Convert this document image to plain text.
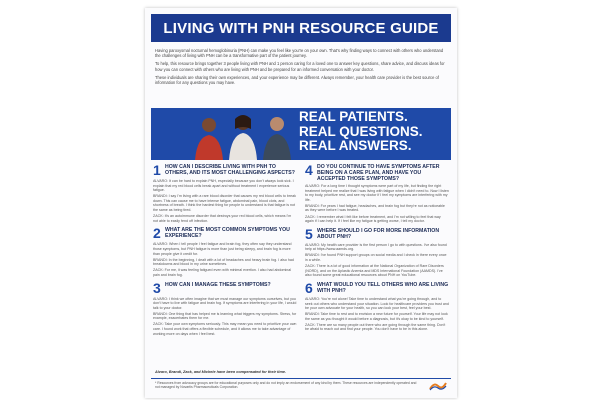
LIVING WITH PNH RESOURCE GUIDE

Having paroxysmal nocturnal hemoglobinuria (PNH) can make you feel like you're on your own. That's why finding ways to connect with others who understand the challenges of living with PNH can be a transformative part of the patient journey.

To help, this resource brings together 3 people living with PNH and 1 person caring for a loved one to answer key questions, share advice, and discuss ideas for how you can connect with others who are living with PNH and be prepared for an informed conversation with your doctor.

These individuals are sharing their own experiences, and your experience may be different. Always remember, your health care provider is the best source of information for any questions you may have.

REAL PATIENTS.
REAL QUESTIONS.
REAL ANSWERS.
1 HOW CAN I DESCRIBE LIVING WITH PNH TO OTHERS, AND ITS MOST CHALLENGING ASPECTS?

ALVARO: It can be hard to explain PNH, especially because you don't always look sick. I explain that my red blood cells break apart and without treatment I experience serious fatigue.

BRANDI: I say I'm living with a rare blood disorder that causes my red blood cells to break down. This can cause me to have intense fatigue, abdominal pain, blood clots, and shortness of breath. I think the hardest thing for people to understand is that fatigue is not the same as being tired.

ZACK: It's an autoimmune disorder that destroys your red blood cells, which means I'm not able to easily fend off infection.

2 WHAT ARE THE MOST COMMON SYMPTOMS YOU EXPERIENCE?

ALVARO: When I tell people I feel fatigue and brain fog, they often say they understand those symptoms, but PNH fatigue is more than just being sleepy, and brain fog is more than people give it credit for.

BRANDI: In the beginning, I dealt with a lot of headaches and heavy brain fog. I also had breakdowns and blood in my urine sometimes.

ZACK: For me, it was feeling fatigued even with minimal exertion. I also had abdominal pain and brain fog.

3 HOW CAN I MANAGE THESE SYMPTOMS?

ALVARO: I think we often imagine that we must manage our symptoms ourselves, but you don't have to live with fatigue and brain fog. If symptoms are interfering in your life, I would talk to your doctor.

BRANDI: One thing that has helped me is learning what triggers my symptoms. Stress, for example, exacerbates them for me.

ZACK: Take your own symptoms seriously. This may mean you need to prioritize your own care. I found work that offers a flexible schedule, and it allows me to take advantage of working more on days when I feel best.

4 DO YOU CONTINUE TO HAVE SYMPTOMS AFTER BEING ON A CARE PLAN, AND HAVE YOU ACCEPTED THOSE SYMPTOMS?

ALVARO: For a long time I thought symptoms were part of my life, but finding the right treatment helped me realize that I was living with fatigue when I didn't need to. Now I listen to my body, prioritize rest, and see my doctor if I feel my symptoms are interfering with my life.

BRANDI: For years I had fatigue, headaches, and brain fog but they're not as noticeable as they were before I was treated.

ZACK: I remember what I felt like before treatment, and I'm not willing to feel that way again if I can help it. If I feel like my fatigue is getting worse, I tell my doctor.

5 WHERE SHOULD I GO FOR MORE INFORMATION ABOUT PNH?

ALVARO: My health care provider is the first person I go to with questions. I've also found help at https://www.aamds.org.

BRANDI: I've found PNH support groups on social media and I check in there every once in a while.

ZACK: There is a lot of good information at the National Organization of Rare Disorders (NORD), and on the Aplastic Anemia and MDS International Foundation (AAMDS). I've also found some great educational resources about PNH on YouTube.

6 WHAT WOULD YOU TELL OTHERS WHO ARE LIVING WITH PNH?

ALVARO: You're not alone! Take time to understand what you're going through, and to seek out others who understand your situation. Look for healthcare providers you trust and be your own advocate for your health, so you can look your best, feel your best.

BRANDI: Take time to rest and to envision a new future for yourself. Your life may not look the same as you thought it would before a diagnosis, but it's okay to be kind to yourself.

ZACK: There are so many people out there who are going through the same thing. Don't be afraid to reach out and find your people. You don't have to be in this alone.

Alvaro, Brandi, Zack, and Michele have been compensated for their time.
* Resources from advocacy groups are for educational purposes only and do not imply an endorsement of any kind by them. These resources are independently operated and not managed by Novartis Pharmaceuticals Corporation.
